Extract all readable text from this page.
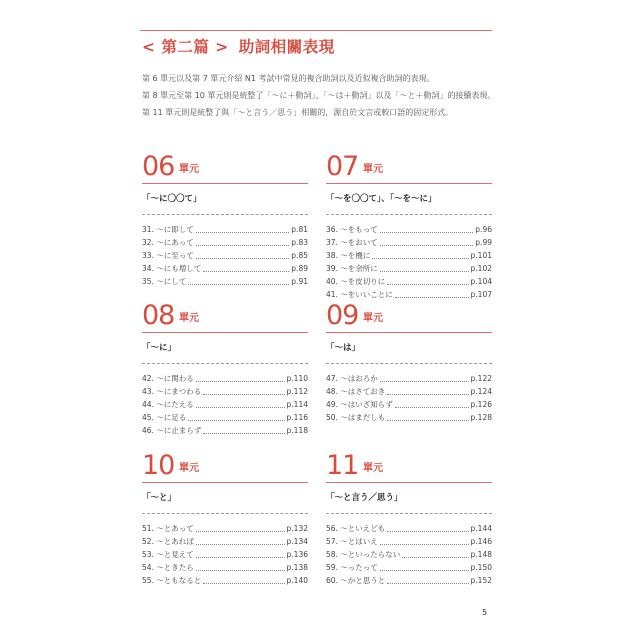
< 第二篇 > 助詞相關表現
第 6 單元以及第 7 單元介紹 N1 考試中常見的複合助詞以及近似複合助詞的表現。
第 8 單元至第 10 單元則是統整了「〜に＋動詞」、「〜は＋動詞」以及「〜と＋動詞」的接續表現。
第 11 單元則是統整了與「〜と言う／思う」相關的，源自於文言或較口語的固定形式。
06 單元
「〜に〇〇て」
31. 〜に即して	p.81
32. 〜にあって	p.83
33. 〜に至って	p.85
34. 〜にも増して	p.89
35. 〜にして	p.91
07 單元
「〜を〇〇て」、「〜を〜に」
36. 〜をもって	p.96
37. 〜をおいて	p.99
38. 〜を機に	p.101
39. 〜を余所に	p.102
40. 〜を皮切りに	p.104
41. 〜をいいことに	p.107
08 單元
「〜に」
42. 〜に関わる	p.110
43. 〜にまつわる	p.112
44. 〜にたえる	p.114
45. 〜に足る	p.116
46. 〜に止まらず	p.118
09 單元
「〜は」
47. 〜はおろか	p.122
48. 〜はさておき	p.124
49. 〜はいざ知らず	p.126
50. 〜はまだしも	p.128
10 單元
「〜と」
51. 〜とあって	p.132
52. 〜とあれば	p.134
53. 〜と見えて	p.136
54. 〜ときたら	p.138
55. 〜ともなると	p.140
11 單元
「〜と言う／思う」
56. 〜といえども	p.144
57. 〜とはいえ	p.146
58. 〜といったらない	p.148
59. 〜ったって	p.150
60. 〜かと思うと	p.152
5
